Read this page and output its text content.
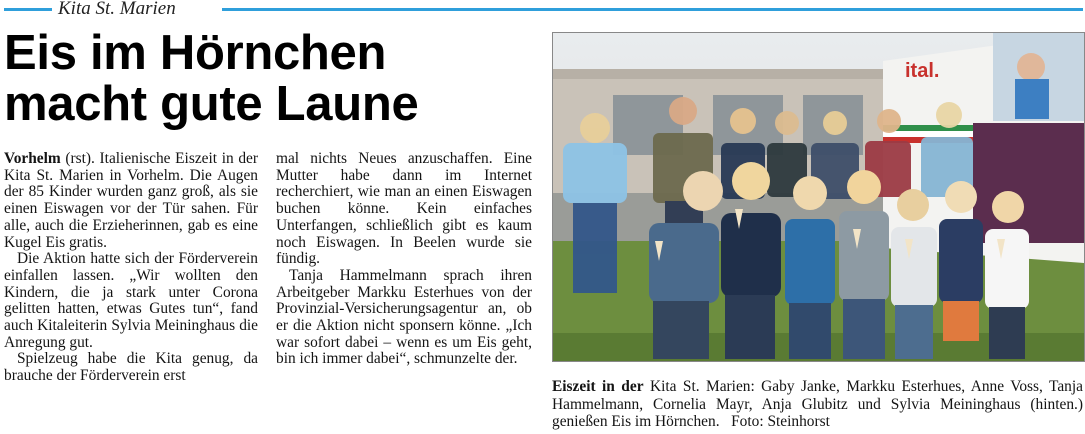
Kita St. Marien
Eis im Hörnchen
macht gute Laune

Vorhelm (rst). Italienische Eiszeit in der Kita St. Marien in Vorhelm. Die Augen der 85 Kinder wurden ganz groß, als sie einen Eiswagen vor der Tür sahen. Für alle, auch die Erzieherinnen, gab es eine Kugel Eis gratis.

Die Aktion hatte sich der Förderverein einfallen lassen. „Wir wollten den Kindern, die ja stark unter Corona gelitten hatten, etwas Gutes tun“, fand auch Kitaleiterin Sylvia Meininghaus die Anregung gut.

Spielzeug habe die Kita genug, da brauche der Förderverein erst

mal nichts Neues anzuschaffen. Eine Mutter habe dann im Internet recherchiert, wie man an einen Eiswagen buchen könne. Kein einfaches Unterfangen, schließlich gibt es kaum noch Eiswagen. In Beelen wurde sie fündig.

Tanja Hammelmann sprach ihren Arbeitgeber Markku Esterhues von der Provinzial-Versicherungsagentur an, ob er die Aktion nicht sponsern könne. „Ich war sofort dabei – wenn es um Eis geht, bin ich immer dabei“, schmunzelte der.

ital.
Eiszeit in der Kita St. Marien: Gaby Janke, Markku Esterhues, Anne Voss, Tanja Hammelmann, Cornelia Mayr, Anja Glubitz und Sylvia Meininghaus (hinten.) genießen Eis im Hörnchen. Foto: Steinhorst
